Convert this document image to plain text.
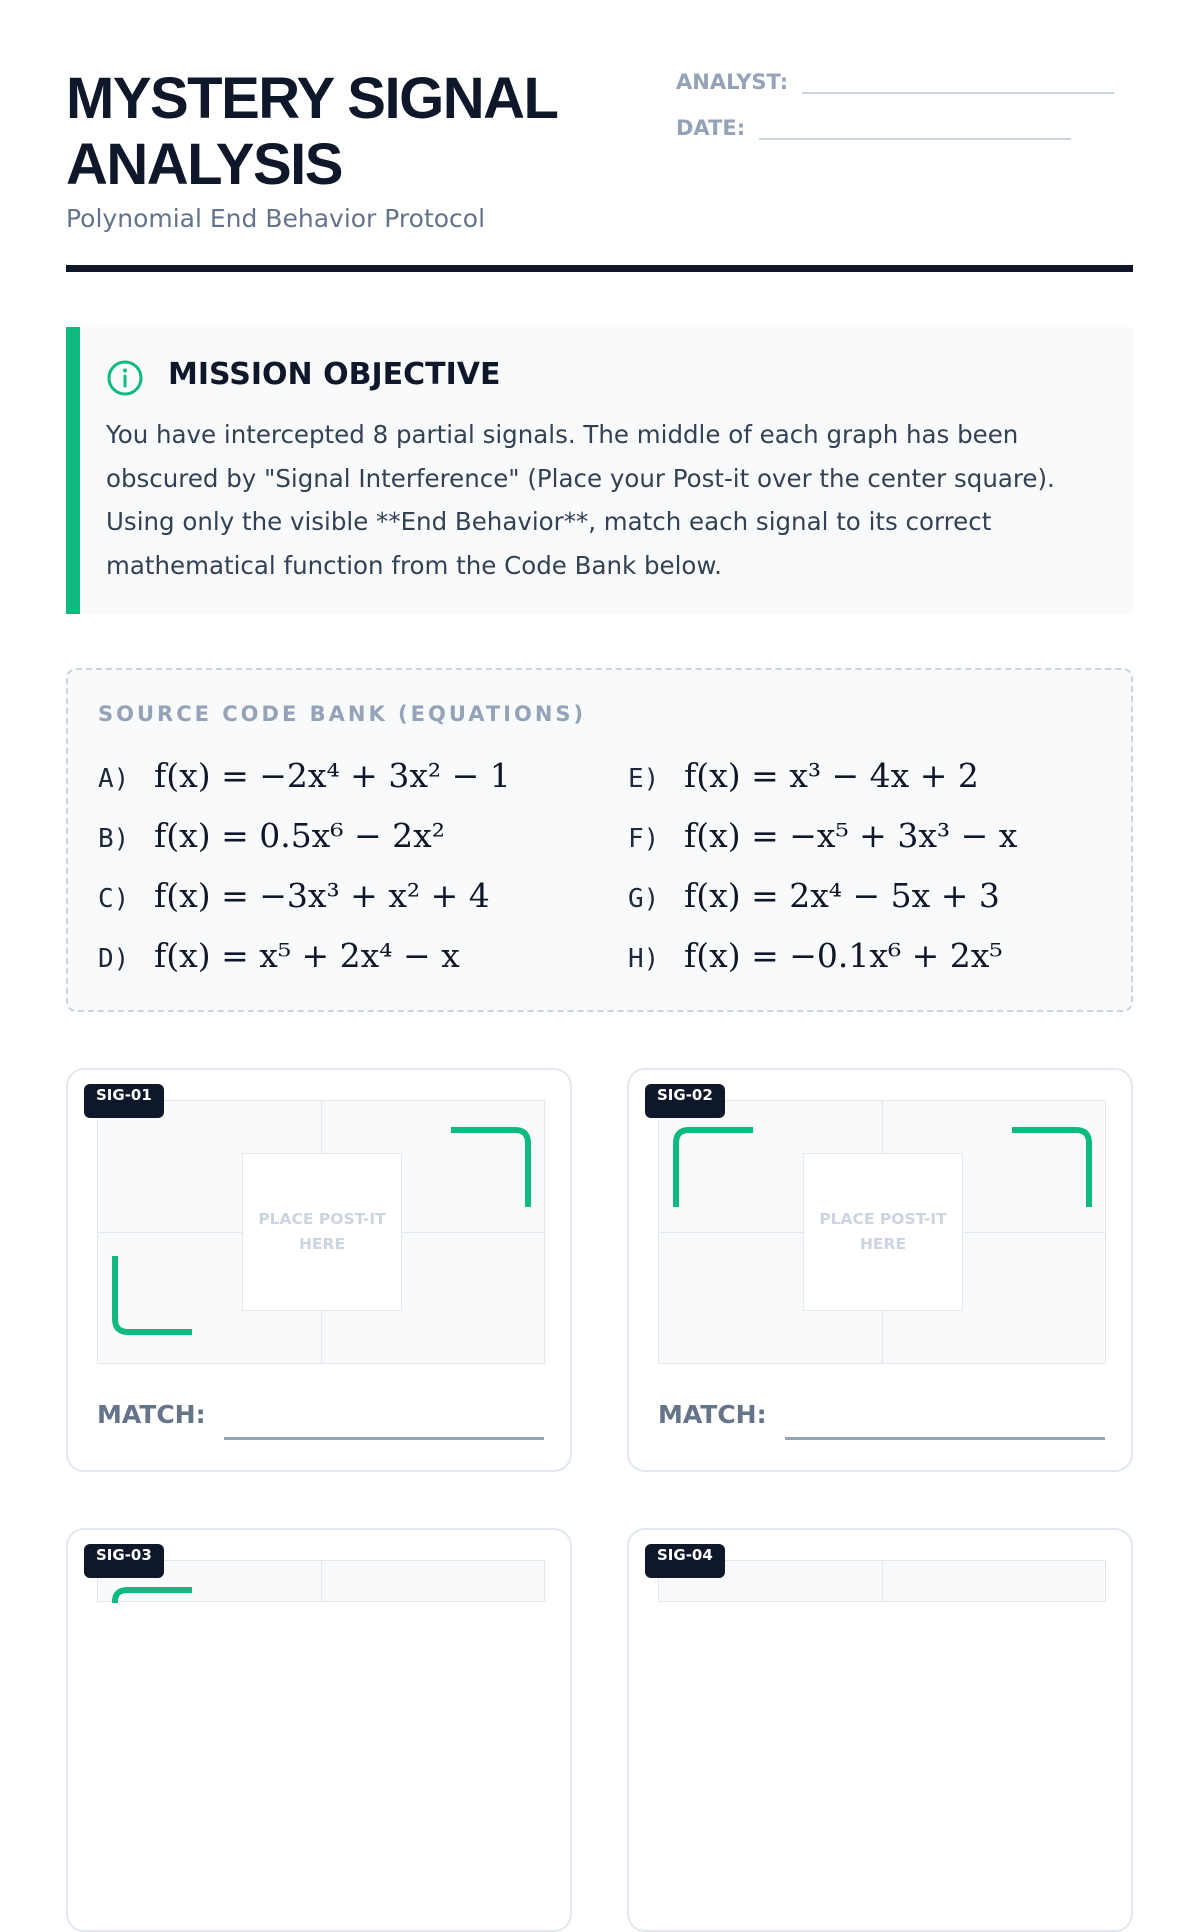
MYSTERY SIGNAL
ANALYSIS
Polynomial End Behavior Protocol
ANALYST:
DATE:
MISSION OBJECTIVE
You have intercepted 8 partial signals. The middle of each graph has been obscured by "Signal Interference" (Place your Post-it over the center square). Using only the visible **End Behavior**, match each signal to its correct mathematical function from the Code Bank below.
SOURCE CODE BANK (EQUATIONS)
A) f(x) = −2x⁴ + 3x² − 1
B) f(x) = 0.5x⁶ − 2x²
C) f(x) = −3x³ + x² + 4
D) f(x) = x⁵ + 2x⁴ − x
E) f(x) = x³ − 4x + 2
F) f(x) = −x⁵ + 3x³ − x
G) f(x) = 2x⁴ − 5x + 3
H) f(x) = −0.1x⁶ + 2x⁵
PLACE POST-IT HERE
SIG-01
MATCH:
PLACE POST-IT HERE
SIG-02
MATCH:
SIG-03	SIG-04
